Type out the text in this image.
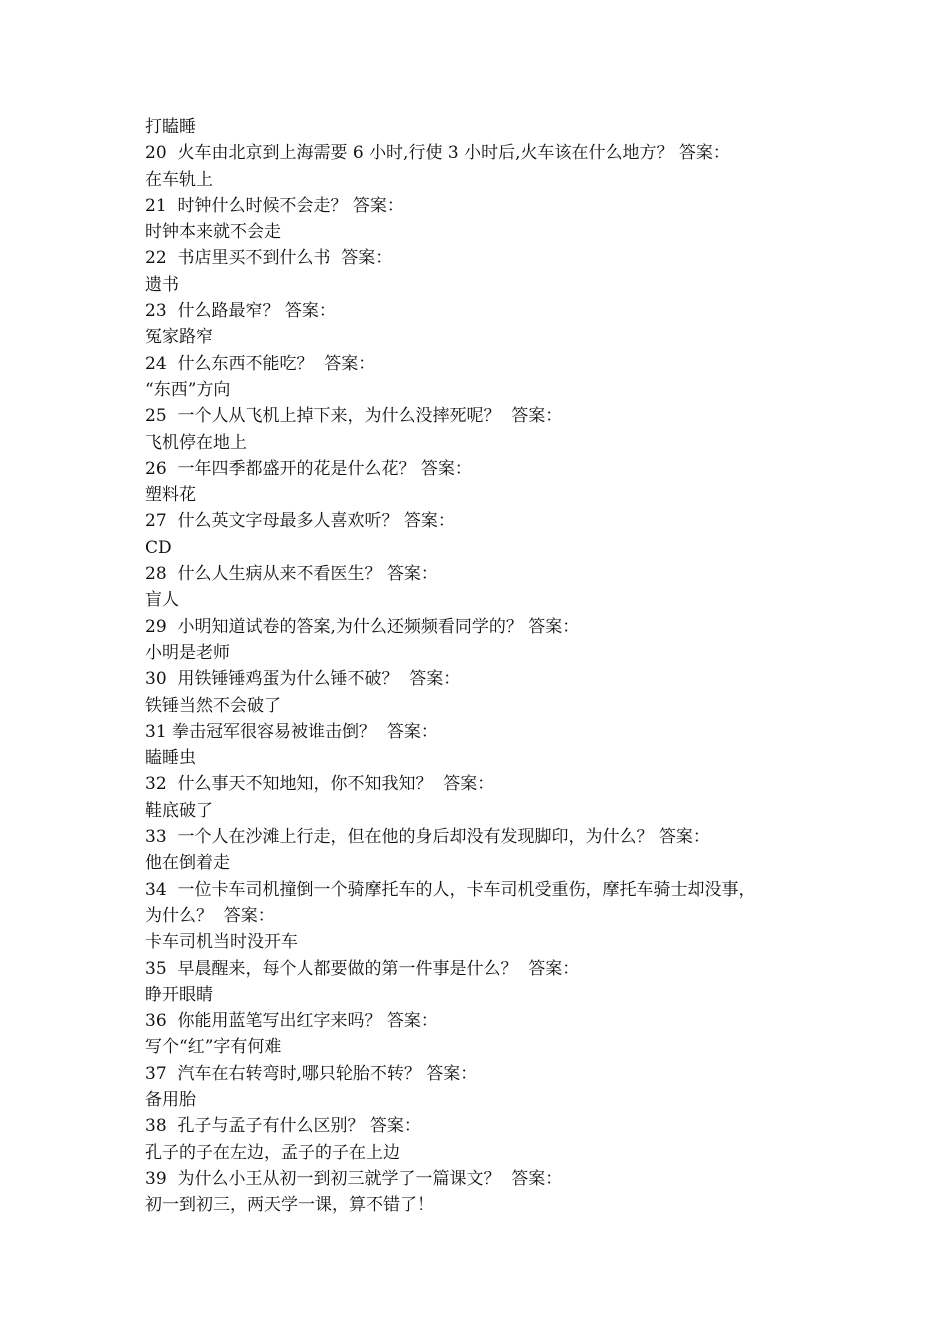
打瞌睡
20  火车由北京到上海需要 6 小时,行使 3 小时后,火车该在什么地方？ 答案：
在车轨上
21  时钟什么时候不会走？ 答案：
时钟本来就不会走
22  书店里买不到什么书  答案：
遗书
23  什么路最窄？ 答案：
冤家路窄
24  什么东西不能吃？  答案：
“东西”方向
25  一个人从飞机上掉下来，为什么没摔死呢？  答案：
飞机停在地上
26  一年四季都盛开的花是什么花？ 答案：
塑料花
27  什么英文字母最多人喜欢听？ 答案：
CD
28  什么人生病从来不看医生？ 答案：
盲人
29  小明知道试卷的答案,为什么还频频看同学的？ 答案：
小明是老师
30  用铁锤锤鸡蛋为什么锤不破？  答案：
铁锤当然不会破了
31 拳击冠军很容易被谁击倒？  答案：
瞌睡虫
32  什么事天不知地知，你不知我知？  答案：
鞋底破了
33  一个人在沙滩上行走，但在他的身后却没有发现脚印，为什么？ 答案：
他在倒着走
34  一位卡车司机撞倒一个骑摩托车的人，卡车司机受重伤，摩托车骑士却没事，
为什么？  答案：
卡车司机当时没开车
35  早晨醒来，每个人都要做的第一件事是什么？  答案：
睁开眼睛
36  你能用蓝笔写出红字来吗？ 答案：
写个“红”字有何难
37  汽车在右转弯时,哪只轮胎不转？ 答案：
备用胎
38  孔子与孟子有什么区别？ 答案：
孔子的子在左边，孟子的子在上边
39  为什么小王从初一到初三就学了一篇课文？  答案：
初一到初三，两天学一课，算不错了！
